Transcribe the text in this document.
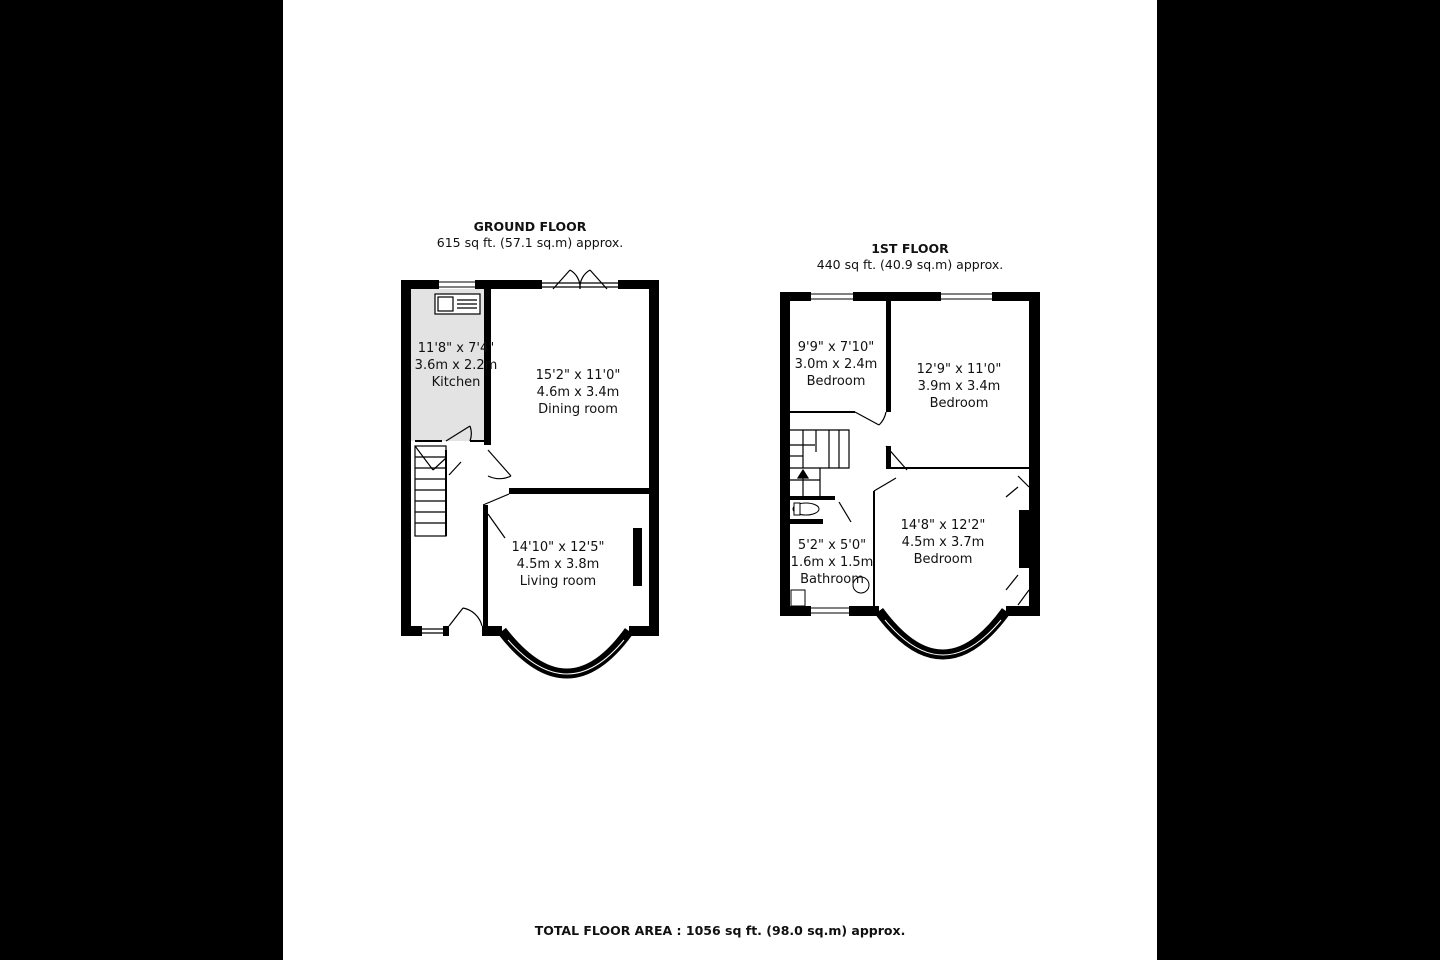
GROUND FLOOR
615 sq ft. (57.1 sq.m) approx.	1ST FLOOR
440 sq ft. (40.9 sq.m) approx.
11'8" x 7'4"
3.6m x 2.2m
Kitchen	15'2" x 11'0"
4.6m x 3.4m
Dining room
14'10" x 12'5"
4.5m x 3.8m
Living room
9'9" x 7'10"
3.0m x 2.4m
Bedroom
12'9" x 11'0"
3.9m x 3.4m
Bedroom
14'8" x 12'2"
4.5m x 3.7m
Bedroom
5'2" x 5'0"
1.6m x 1.5m
Bathroom
TOTAL FLOOR AREA : 1056 sq ft. (98.0 sq.m) approx.
